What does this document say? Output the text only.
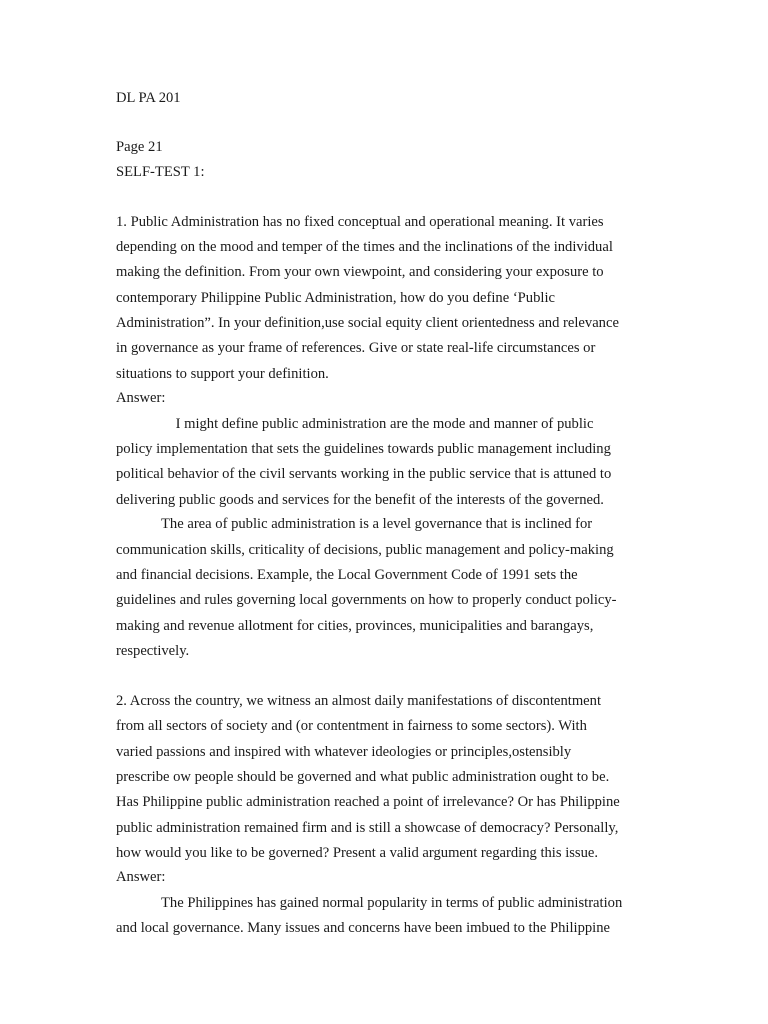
DL PA 201
Page 21
SELF-TEST 1:
1. Public Administration has no fixed conceptual and operational meaning. It varies
depending on the mood and temper of the times and the inclinations of the individual
making the definition. From your own viewpoint, and considering your exposure to
contemporary Philippine Public Administration, how do you define ‘Public
Administration”. In your definition,use social equity client orientedness and relevance
in governance as your frame of references. Give or state real-life circumstances or
situations to support your definition.
Answer:
I might define public administration are the mode and manner of public
policy implementation that sets the guidelines towards public management including
political behavior of the civil servants working in the public service that is attuned to
delivering public goods and services for the benefit of the interests of the governed.
The area of public administration is a level governance that is inclined for
communication skills, criticality of decisions, public management and policy-making
and financial decisions. Example, the Local Government Code of 1991 sets the
guidelines and rules governing local governments on how to properly conduct policy-
making and revenue allotment for cities, provinces, municipalities and barangays,
respectively.
2. Across the country, we witness an almost daily manifestations of discontentment
from all sectors of society and (or contentment in fairness to some sectors). With
varied passions and inspired with whatever ideologies or principles,ostensibly
prescribe ow people should be governed and what public administration ought to be.
Has Philippine public administration reached a point of irrelevance? Or has Philippine
public administration remained firm and is still a showcase of democracy? Personally,
how would you like to be governed? Present a valid argument regarding this issue.
Answer:
The Philippines has gained normal popularity in terms of public administration
and local governance. Many issues and concerns have been imbued to the Philippine
